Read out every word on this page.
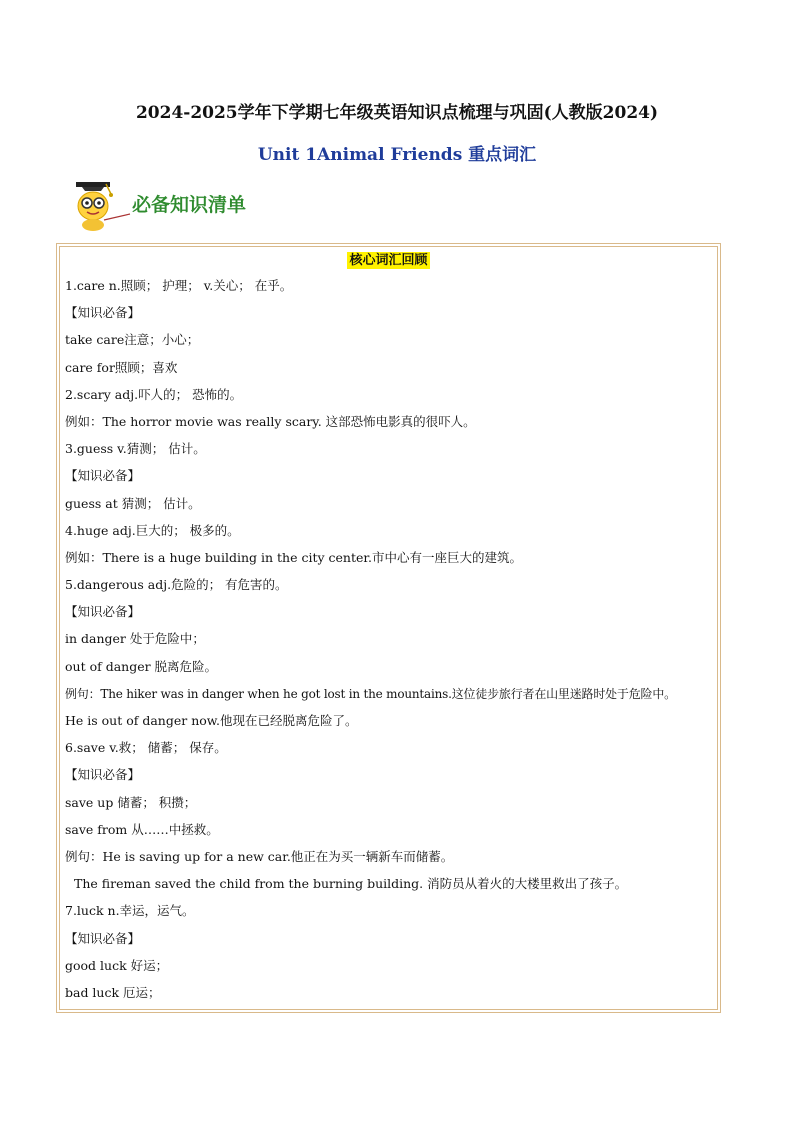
2024-2025学年下学期七年级英语知识点梳理与巩固(人教版2024)
Unit 1Animal Friends 重点词汇
必备知识清单
核心词汇回顾
1.care n.照顾； 护理； v.关心； 在乎。
【知识必备】
take care注意；小心；
care for照顾；喜欢
2.scary adj.吓人的； 恐怖的。
例如：The horror movie was really scary. 这部恐怖电影真的很吓人。
3.guess v.猜测； 估计。
【知识必备】
guess at 猜测； 估计。
4.huge adj.巨大的； 极多的。
例如：There is a huge building in the city center.市中心有一座巨大的建筑。
5.dangerous adj.危险的； 有危害的。
【知识必备】
in danger 处于危险中；
out of danger 脱离危险。
例句：The hiker was in danger when he got lost in the mountains.这位徒步旅行者在山里迷路时处于危险中。
He is out of danger now.他现在已经脱离危险了。
6.save v.救； 储蓄； 保存。
【知识必备】
save up 储蓄； 积攒；
save from 从……中拯救。
例句：He is saving up for a new car.他正在为买一辆新车而储蓄。
The fireman saved the child from the burning building. 消防员从着火的大楼里救出了孩子。
7.luck n.幸运，运气。
【知识必备】
good luck 好运；
bad luck 厄运；
